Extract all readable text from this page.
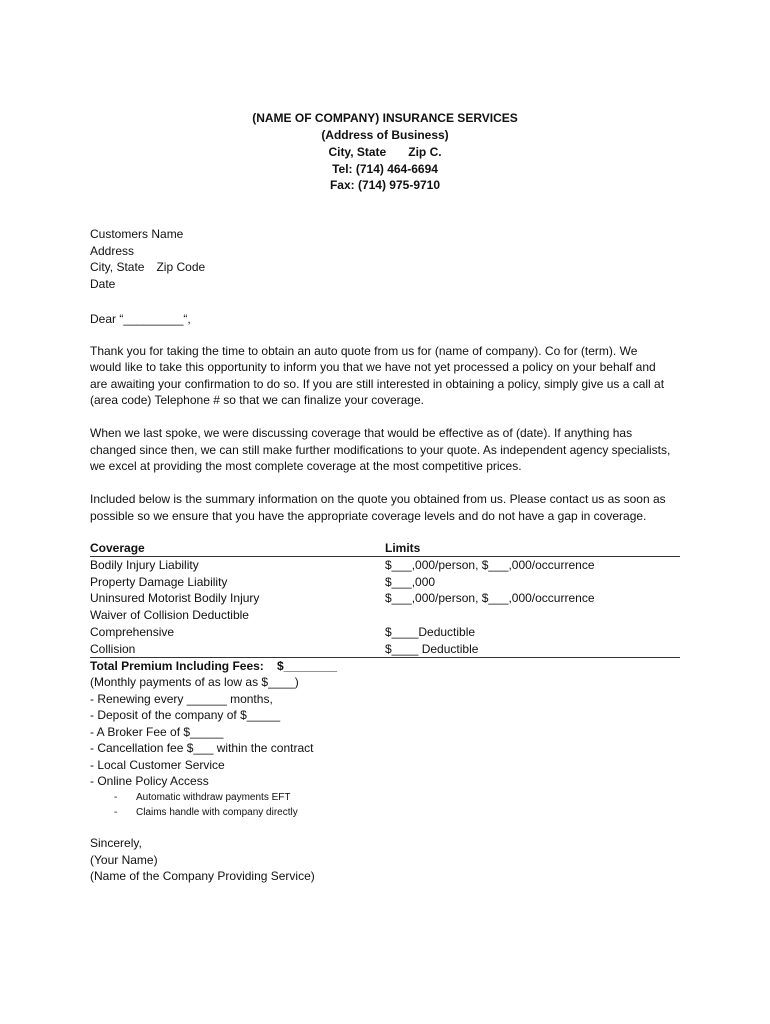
(NAME OF COMPANY) INSURANCE SERVICES
(Address of Business)
City, State Zip C.
Tel: (714) 464-6694
Fax: (714) 975-9710
Customers Name
Address
City, State Zip Code
Date
Dear “_________“,
Thank you for taking the time to obtain an auto quote from us for (name of company). Co for (term). We
would like to take this opportunity to inform you that we have not yet processed a policy on your behalf and
are awaiting your confirmation to do so. If you are still interested in obtaining a policy, simply give us a call at
(area code) Telephone # so that we can finalize your coverage.
When we last spoke, we were discussing coverage that would be effective as of (date). If anything has
changed since then, we can still make further modifications to your quote. As independent agency specialists,
we excel at providing the most complete coverage at the most competitive prices.
Included below is the summary information on the quote you obtained from us. Please contact us as soon as
possible so we ensure that you have the appropriate coverage levels and do not have a gap in coverage.
Coverage	Limits
Bodily Injury Liability	$___,000/person, $___,000/occurrence
Property Damage Liability	$___,000
Uninsured Motorist Bodily Injury	$___,000/person, $___,000/occurrence
Waiver of Collision Deductible
Comprehensive	$____Deductible
Collision	$____ Deductible
Total Premium Including Fees: $________
(Monthly payments of as low as $____)
- Renewing every ______ months,
- Deposit of the company of $_____
- A Broker Fee of $_____
- Cancellation fee $___ within the contract
- Local Customer Service
- Online Policy Access
- Automatic withdraw payments EFT
- Claims handle with company directly
Sincerely,
(Your Name)
(Name of the Company Providing Service)
